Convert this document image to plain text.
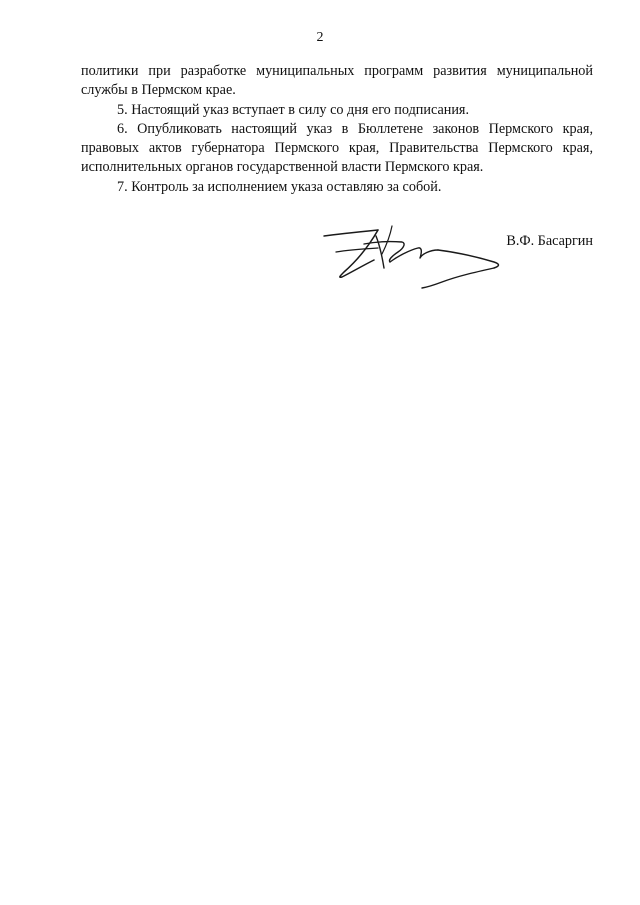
2

политики при разработке муниципальных программ развития муниципальной службы в Пермском крае.

5. Настоящий указ вступает в силу со дня его подписания.

6. Опубликовать настоящий указ в Бюллетене законов Пермского края, правовых актов губернатора Пермского края, Правительства Пермского края, исполнительных органов государственной власти Пермского края.

7. Контроль за исполнением указа оставляю за собой.

В.Ф. Басаргин
